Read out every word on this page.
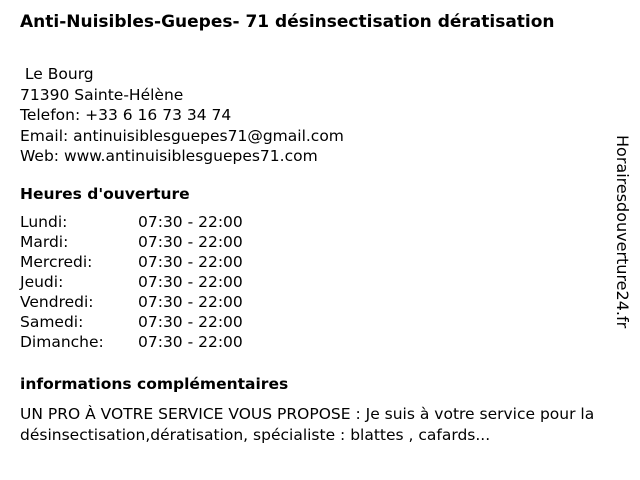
Anti-Nuisibles-Guepes- 71 désinsectisation dératisation
Le Bourg
71390 Sainte-Hélène
Telefon: +33 6 16 73 34 74
Email: antinuisiblesguepes71@gmail.com
Web: www.antinuisiblesguepes71.com
Heures d'ouverture
Lundi:	07:30 - 22:00
Mardi:	07:30 - 22:00
Mercredi:	07:30 - 22:00
Jeudi:	07:30 - 22:00
Vendredi:	07:30 - 22:00
Samedi:	07:30 - 22:00
Dimanche:	07:30 - 22:00
informations complémentaires
UN PRO À VOTRE SERVICE VOUS PROPOSE : Je suis à votre service pour la désinsectisation,dératisation, spécialiste : blattes , cafards...
Horairesdouverture24.fr
